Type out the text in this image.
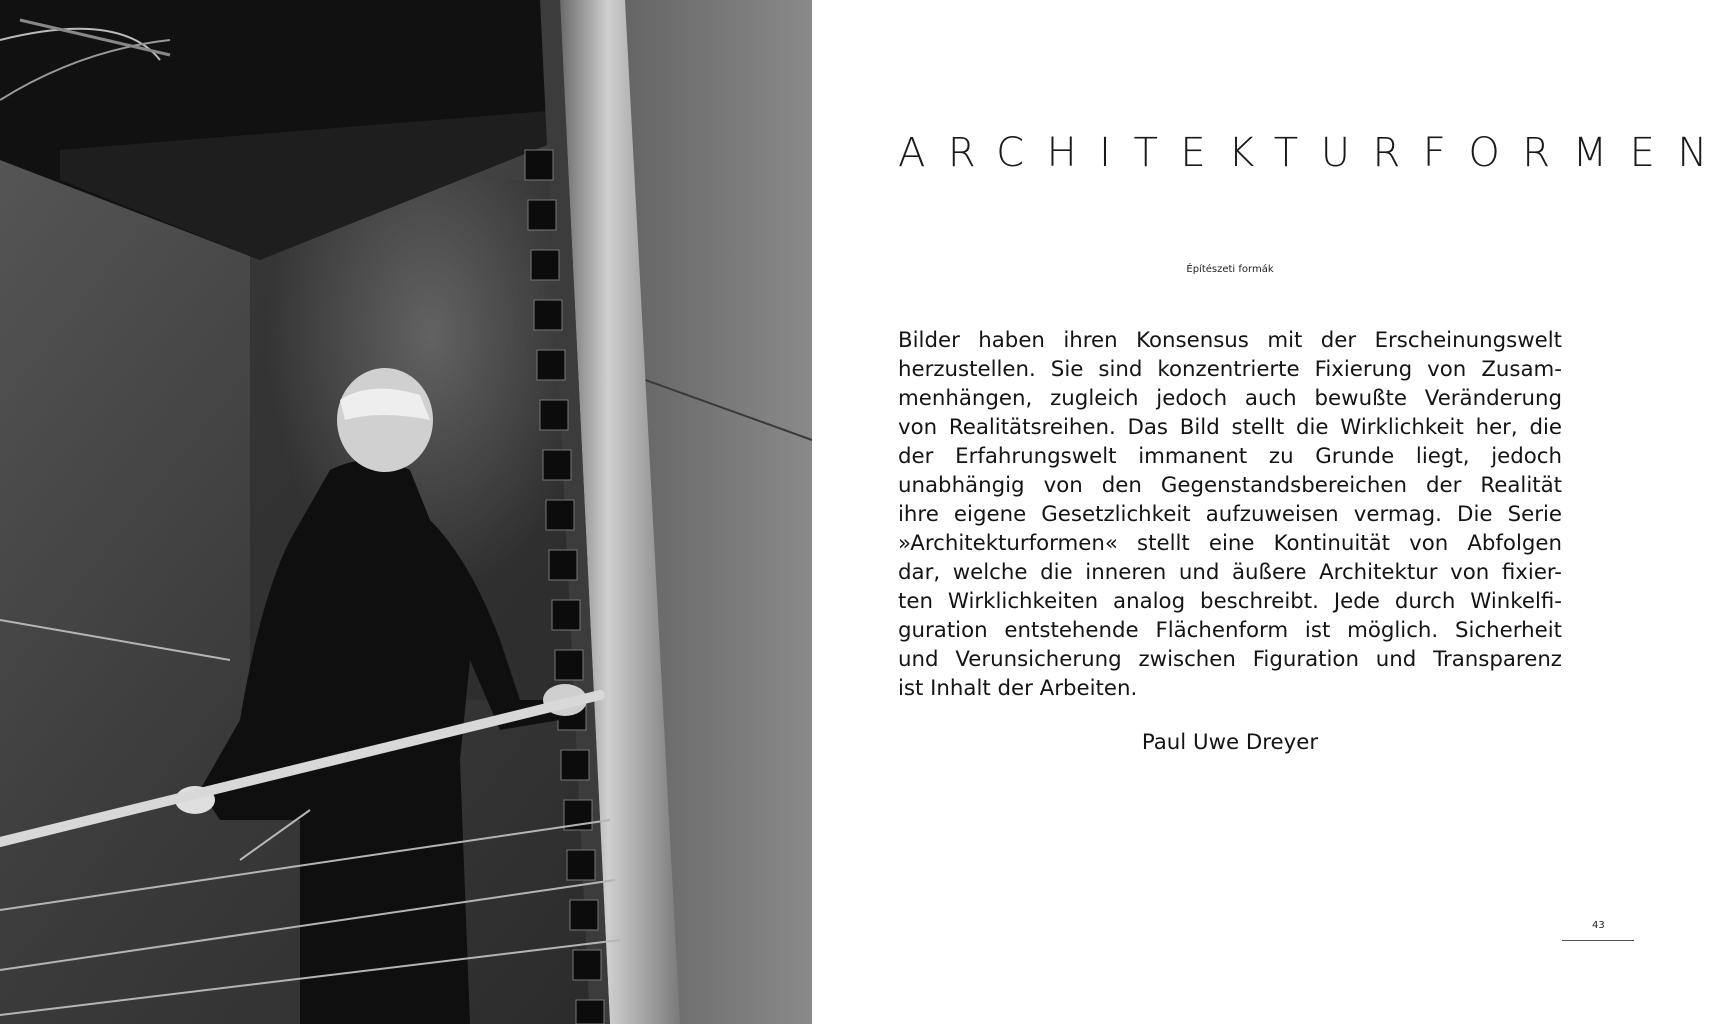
ARCHITEKTURFORMEN

Építészeti formák

Bilder haben ihren Konsensus mit der Erscheinungswelt
herzustellen. Sie sind konzentrierte Fixierung von Zusam-
menhängen, zugleich jedoch auch bewußte Veränderung
von Realitätsreihen. Das Bild stellt die Wirklichkeit her, die
der Erfahrungswelt immanent zu Grunde liegt, jedoch
unabhängig von den Gegenstandsbereichen der Realität
ihre eigene Gesetzlichkeit aufzuweisen vermag. Die Serie
»Architekturformen« stellt eine Kontinuität von Abfolgen
dar, welche die inneren und äußere Architektur von fixier-
ten Wirklichkeiten analog beschreibt. Jede durch Winkelfi-
guration entstehende Flächenform ist möglich. Sicherheit
und Verunsicherung zwischen Figuration und Transparenz
ist Inhalt der Arbeiten.

Paul Uwe Dreyer

43
